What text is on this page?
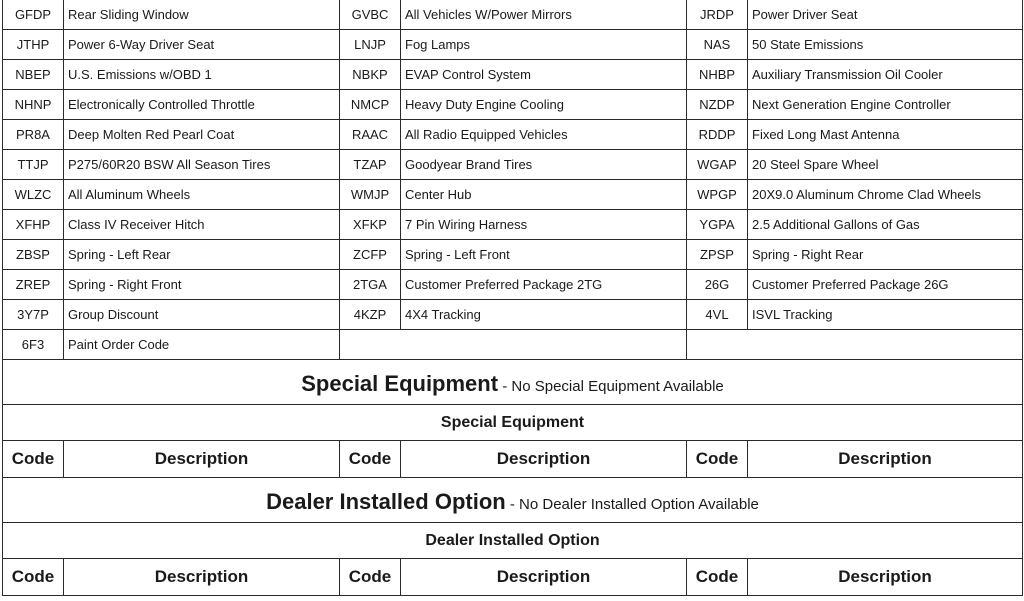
GFDP	Rear Sliding Window	GVBC	All Vehicles W/Power Mirrors	JRDP	Power Driver Seat
JTHP	Power 6-Way Driver Seat	LNJP	Fog Lamps	NAS	50 State Emissions
NBEP	U.S. Emissions w/OBD 1	NBKP	EVAP Control System	NHBP	Auxiliary Transmission Oil Cooler
NHNP	Electronically Controlled Throttle	NMCP	Heavy Duty Engine Cooling	NZDP	Next Generation Engine Controller
PR8A	Deep Molten Red Pearl Coat	RAAC	All Radio Equipped Vehicles	RDDP	Fixed Long Mast Antenna
TTJP	P275/60R20 BSW All Season Tires	TZAP	Goodyear Brand Tires	WGAP	20 Steel Spare Wheel
WLZC	All Aluminum Wheels	WMJP	Center Hub	WPGP	20X9.0 Aluminum Chrome Clad Wheels
XFHP	Class IV Receiver Hitch	XFKP	7 Pin Wiring Harness	YGPA	2.5 Additional Gallons of Gas
ZBSP	Spring - Left Rear	ZCFP	Spring - Left Front	ZPSP	Spring - Right Rear
ZREP	Spring - Right Front	2TGA	Customer Preferred Package 2TG	26G	Customer Preferred Package 26G
3Y7P	Group Discount	4KZP	4X4 Tracking	4VL	ISVL Tracking
6F3	Paint Order Code				
Special Equipment - No Special Equipment Available					
Special Equipment					
Code	Description	Code	Description	Code	Description
Dealer Installed Option - No Dealer Installed Option Available					
Dealer Installed Option					
Code	Description	Code	Description	Code	Description
